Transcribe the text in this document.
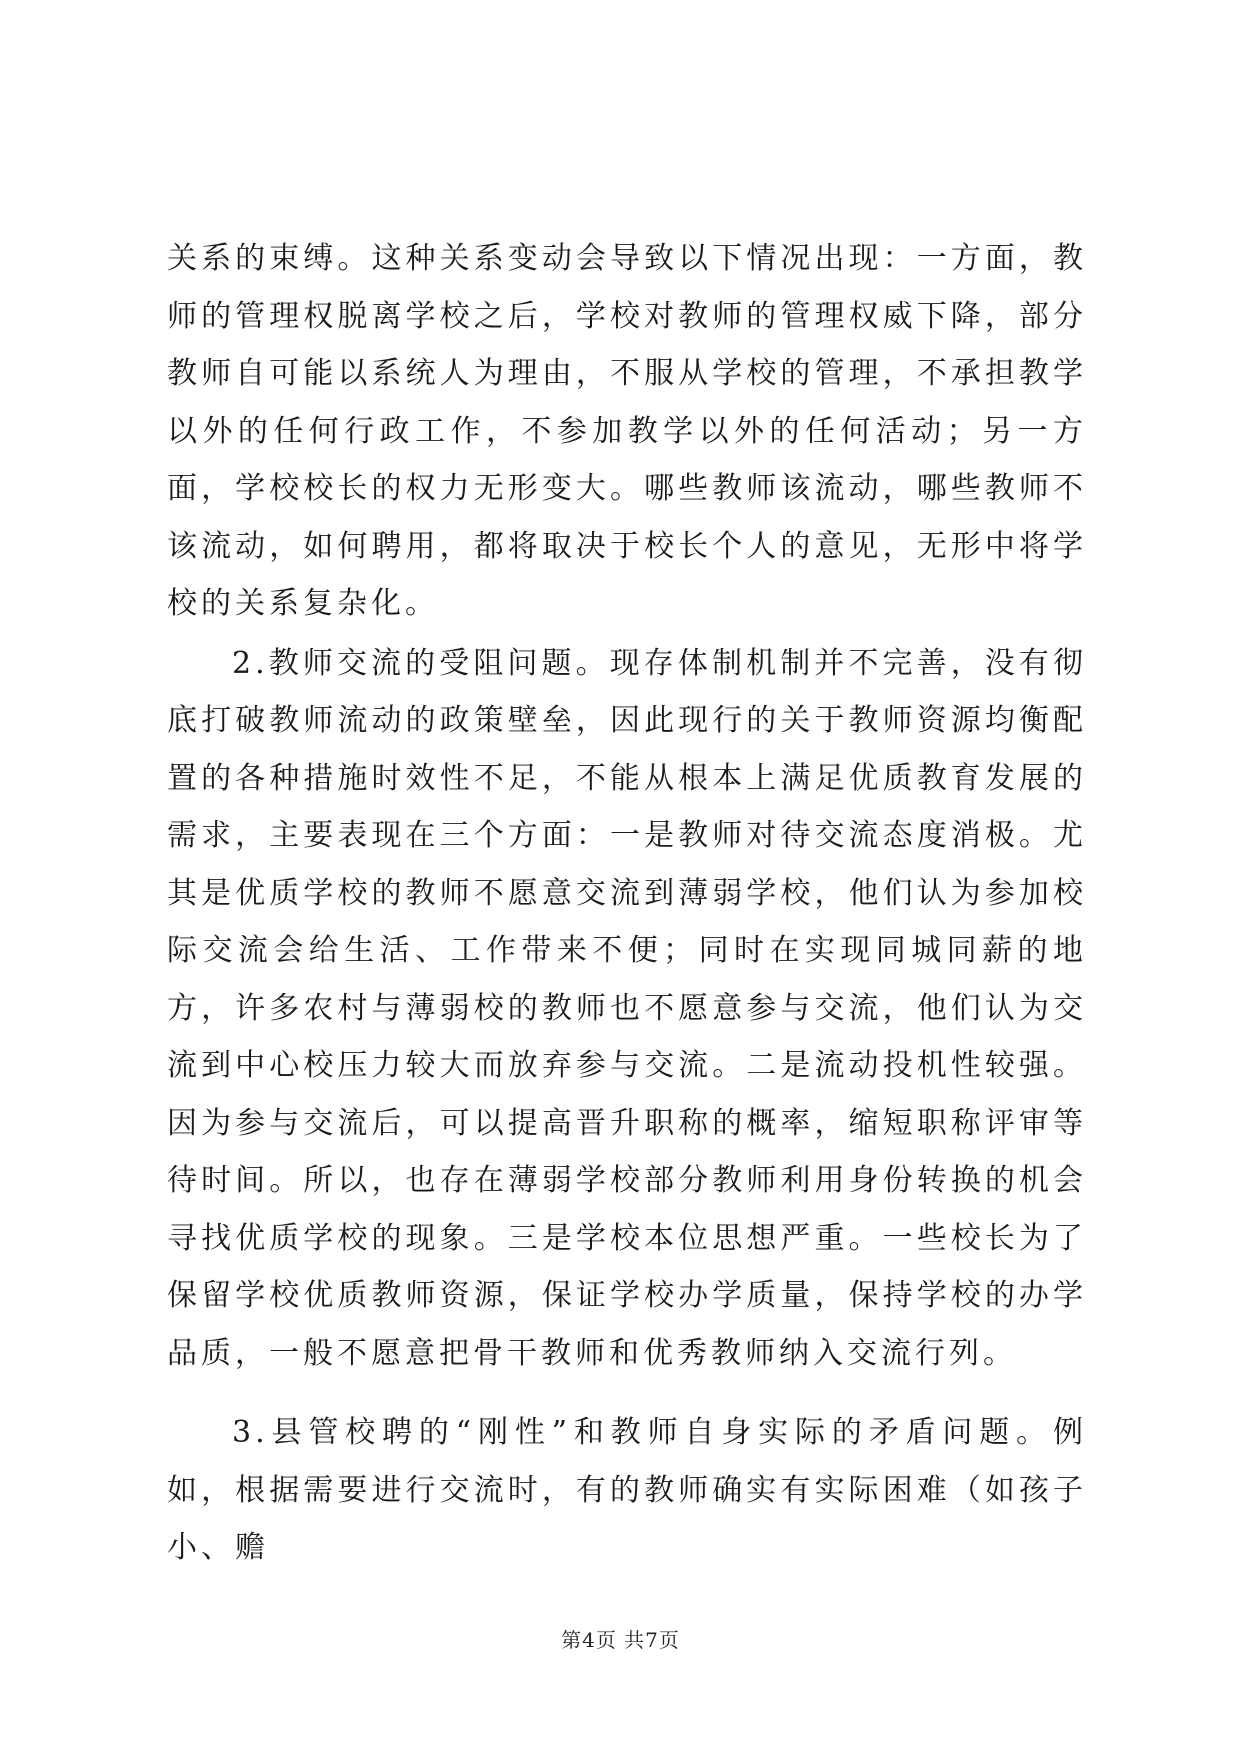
关系的束缚。这种关系变动会导致以下情况出现：一方面，教师的管理权脱离学校之后，学校对教师的管理权威下降，部分教师自可能以系统人为理由，不服从学校的管理，不承担教学以外的任何行政工作，不参加教学以外的任何活动；另一方面，学校校长的权力无形变大。哪些教师该流动，哪些教师不该流动，如何聘用，都将取决于校长个人的意见，无形中将学校的关系复杂化。

2.教师交流的受阻问题。现存体制机制并不完善，没有彻底打破教师流动的政策壁垒，因此现行的关于教师资源均衡配置的各种措施时效性不足，不能从根本上满足优质教育发展的需求，主要表现在三个方面：一是教师对待交流态度消极。尤其是优质学校的教师不愿意交流到薄弱学校，他们认为参加校际交流会给生活、工作带来不便；同时在实现同城同薪的地方，许多农村与薄弱校的教师也不愿意参与交流，他们认为交流到中心校压力较大而放弃参与交流。二是流动投机性较强。因为参与交流后，可以提高晋升职称的概率，缩短职称评审等待时间。所以，也存在薄弱学校部分教师利用身份转换的机会寻找优质学校的现象。三是学校本位思想严重。一些校长为了保留学校优质教师资源，保证学校办学质量，保持学校的办学品质，一般不愿意把骨干教师和优秀教师纳入交流行列。

3.县管校聘的“刚性”和教师自身实际的矛盾问题。例如，根据需要进行交流时，有的教师确实有实际困难（如孩子小、赡

第4页 共7页
